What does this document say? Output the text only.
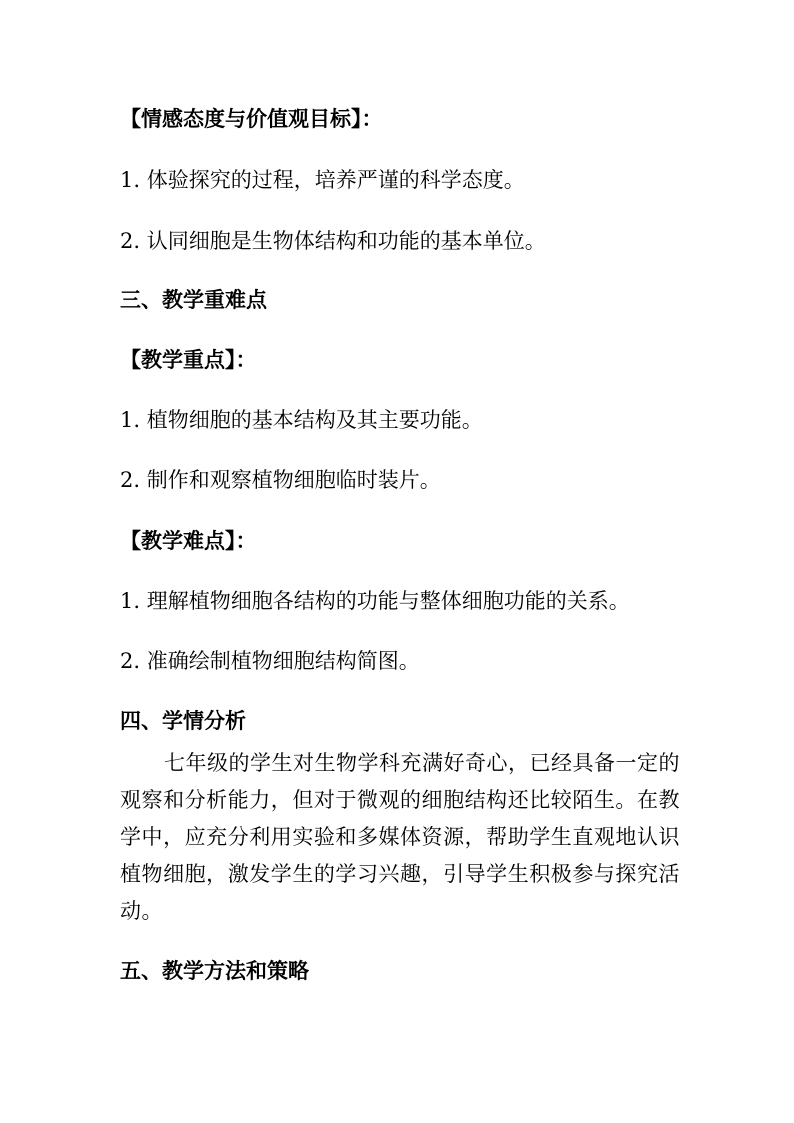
【情感态度与价值观目标】：
1. 体验探究的过程，培养严谨的科学态度。
2. 认同细胞是生物体结构和功能的基本单位。
三、教学重难点
【教学重点】：
1. 植物细胞的基本结构及其主要功能。
2. 制作和观察植物细胞临时装片。
【教学难点】：
1. 理解植物细胞各结构的功能与整体细胞功能的关系。
2. 准确绘制植物细胞结构简图。
四、学情分析
七年级的学生对生物学科充满好奇心，已经具备一定的观察和分析能力，但对于微观的细胞结构还比较陌生。在教学中，应充分利用实验和多媒体资源，帮助学生直观地认识植物细胞，激发学生的学习兴趣，引导学生积极参与探究活动。
五、教学方法和策略
